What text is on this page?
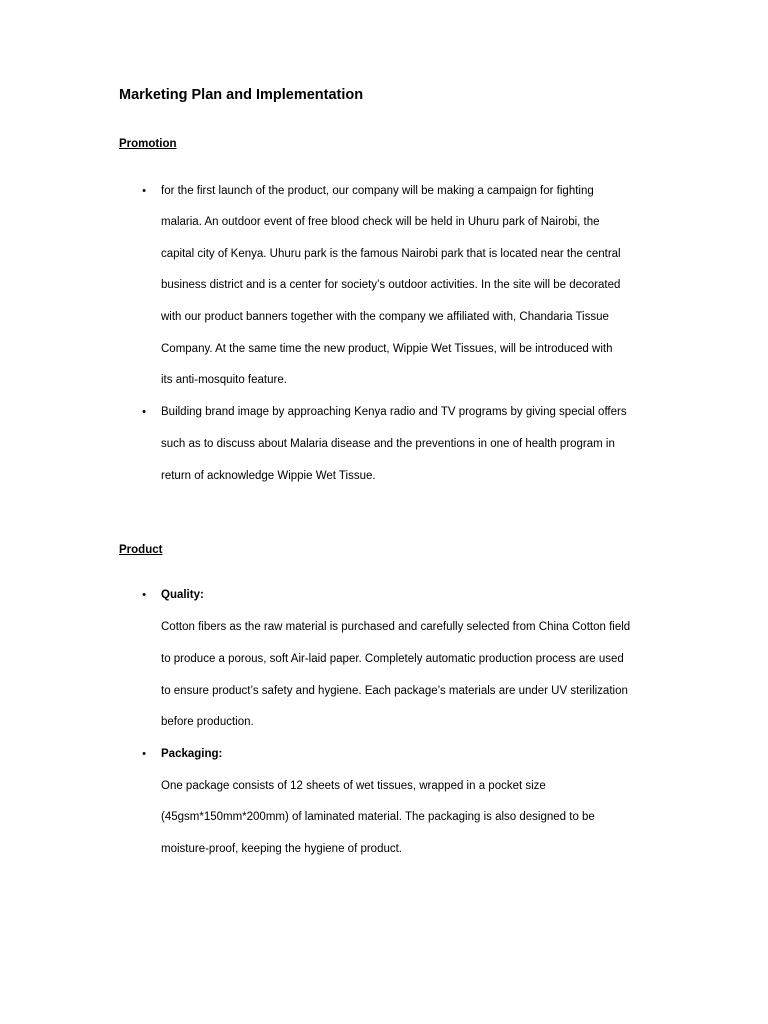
Marketing Plan and Implementation
Promotion
• for the first launch of the product, our company will be making a campaign for fighting

malaria. An outdoor event of free blood check will be held in Uhuru park of Nairobi, the

capital city of Kenya. Uhuru park is the famous Nairobi park that is located near the central

business district and is a center for society’s outdoor activities. In the site will be decorated

with our product banners together with the company we affiliated with, Chandaria Tissue

Company. At the same time the new product, Wippie Wet Tissues, will be introduced with

its anti-mosquito feature.

• Building brand image by approaching Kenya radio and TV programs by giving special offers

such as to discuss about Malaria disease and the preventions in one of health program in

return of acknowledge Wippie Wet Tissue.

Product
• Quality:

Cotton fibers as the raw material is purchased and carefully selected from China Cotton field

to produce a porous, soft Air-laid paper. Completely automatic production process are used

to ensure product’s safety and hygiene. Each package’s materials are under UV sterilization

before production.

• Packaging:

One package consists of 12 sheets of wet tissues, wrapped in a pocket size

(45gsm*150mm*200mm) of laminated material. The packaging is also designed to be

moisture-proof, keeping the hygiene of product.
